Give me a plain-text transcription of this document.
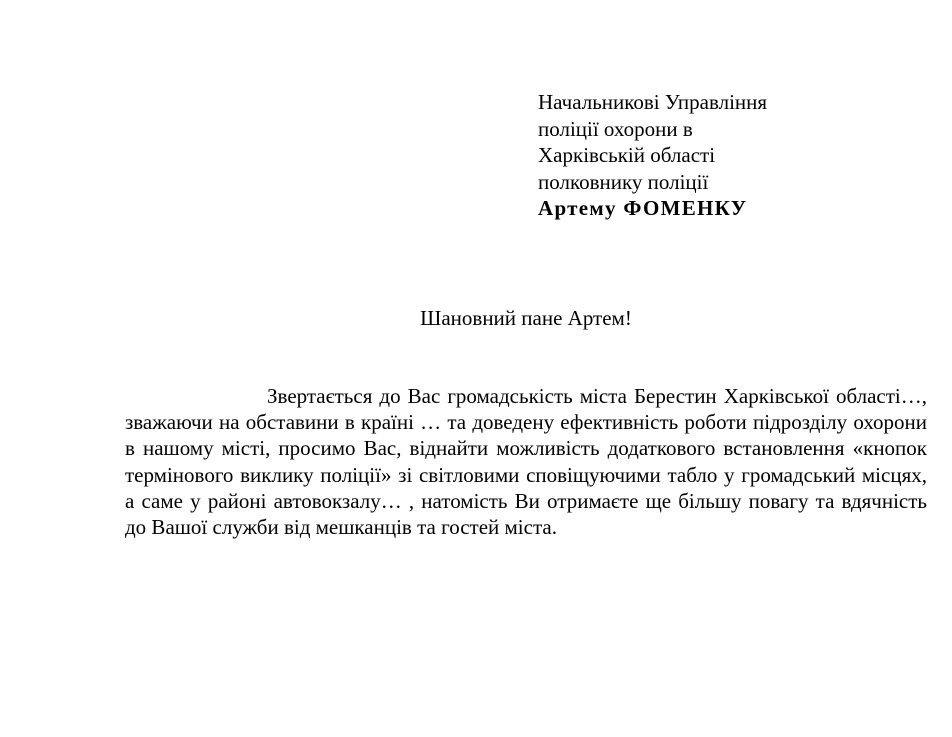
Начальникові Управління
поліції охорони в
Харківській області
полковнику поліції
Артему ФОМЕНКУ
Шановний пане Артем!

Звертається до Вас громадськість міста Берестин Харківської області…, зважаючи на обставини в країні … та доведену ефективність роботи підрозділу охорони в нашому місті, просимо Вас, віднайти можливість додаткового встановлення «кнопок термінового виклику поліції» зі світловими сповіщуючими табло у громадський місцях, а саме у районі автовокзалу… , натомість Ви отримаєте ще більшу повагу та вдячність до Вашої служби від мешканців та гостей міста.
